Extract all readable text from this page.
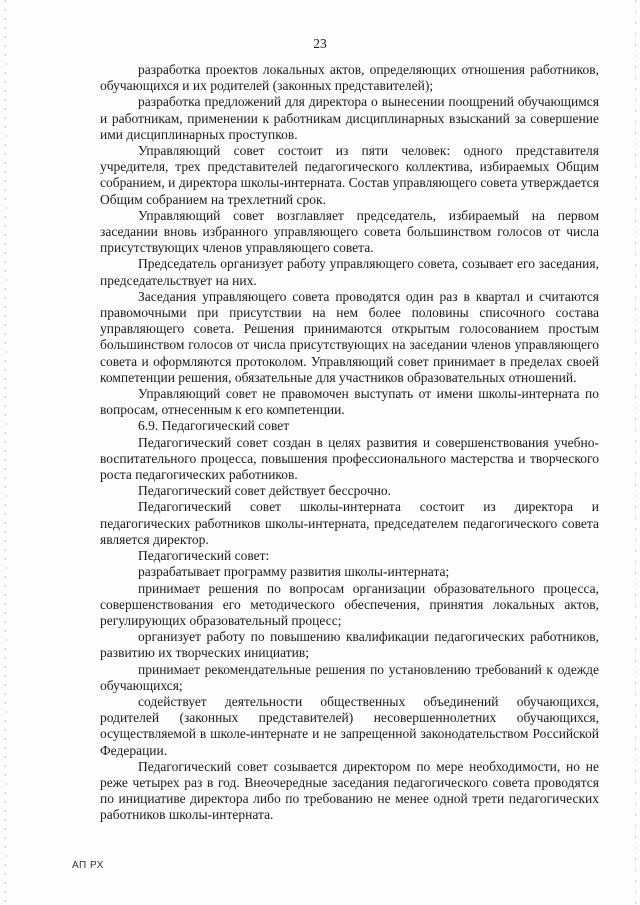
23

разработка проектов локальных актов, определяющих отношения работников, обучающихся и их родителей (законных представителей);

разработка предложений для директора о вынесении поощрений обучающимся и работникам, применении к работникам дисциплинарных взысканий за совершение ими дисциплинарных проступков.

Управляющий совет состоит из пяти человек: одного представителя учредителя, трех представителей педагогического коллектива, избираемых Общим собранием, и директора школы-интерната. Состав управляющего совета утверждается Общим собранием на трехлетний срок.

Управляющий совет возглавляет председатель, избираемый на первом заседании вновь избранного управляющего совета большинством голосов от числа присутствующих членов управляющего совета.

Председатель организует работу управляющего совета, созывает его заседания, председательствует на них.

Заседания управляющего совета проводятся один раз в квартал и считаются правомочными при присутствии на нем более половины списочного состава управляющего совета. Решения принимаются открытым голосованием простым большинством голосов от числа присутствующих на заседании членов управляющего совета и оформляются протоколом. Управляющий совет принимает в пределах своей компетенции решения, обязательные для участников образовательных отношений.

Управляющий совет не правомочен выступать от имени школы-интерната по вопросам, отнесенным к его компетенции.

6.9. Педагогический совет

Педагогический совет создан в целях развития и совершенствования учебно-воспитательного процесса, повышения профессионального мастерства и творческого роста педагогических работников.

Педагогический совет действует бессрочно.

Педагогический совет школы-интерната состоит из директора и педагогических работников школы-интерната, председателем педагогического совета является директор.

Педагогический совет:

разрабатывает программу развития школы-интерната;

принимает решения по вопросам организации образовательного процесса, совершенствования его методического обеспечения, принятия локальных актов, регулирующих образовательный процесс;

организует работу по повышению квалификации педагогических работников, развитию их творческих инициатив;

принимает рекомендательные решения по установлению требований к одежде обучающихся;

содействует деятельности общественных объединений обучающихся, родителей (законных представителей) несовершеннолетних обучающихся, осуществляемой в школе-интернате и не запрещенной законодательством Российской Федерации.

Педагогический совет созывается директором по мере необходимости, но не реже четырех раз в год. Внеочередные заседания педагогического совета проводятся по инициативе директора либо по требованию не менее одной трети педагогических работников школы-интерната.

АП РХ
